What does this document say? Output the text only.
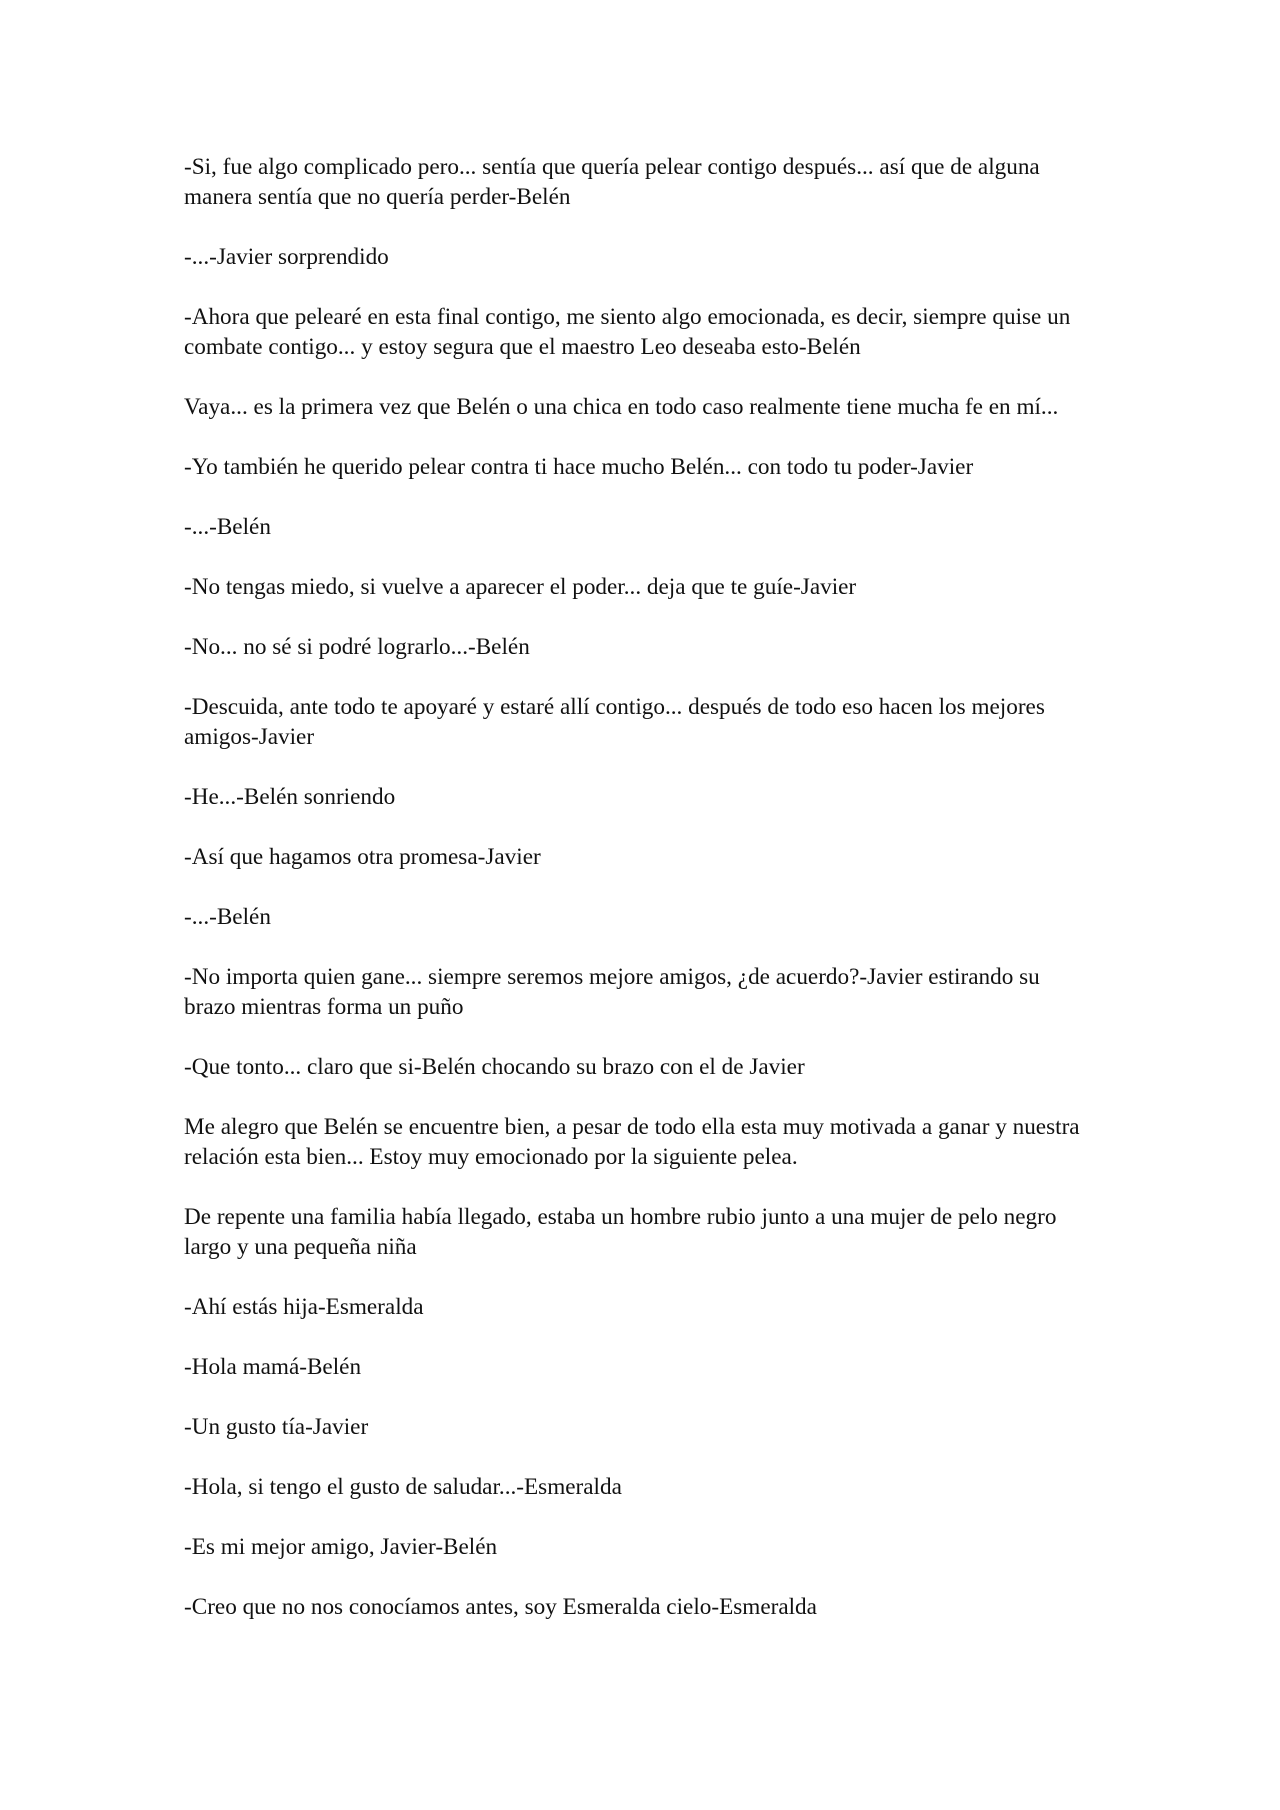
-Si, fue algo complicado pero... sentía que quería pelear contigo después... así que de alguna manera sentía que no quería perder-Belén

-...-Javier sorprendido

-Ahora que pelearé en esta final contigo, me siento algo emocionada, es decir, siempre quise un combate contigo... y estoy segura que el maestro Leo deseaba esto-Belén

Vaya... es la primera vez que Belén o una chica en todo caso realmente tiene mucha fe en mí...

-Yo también he querido pelear contra ti hace mucho Belén... con todo tu poder-Javier

-...-Belén

-No tengas miedo, si vuelve a aparecer el poder... deja que te guíe-Javier

-No... no sé si podré lograrlo...-Belén

-Descuida, ante todo te apoyaré y estaré allí contigo... después de todo eso hacen los mejores amigos-Javier

-He...-Belén sonriendo

-Así que hagamos otra promesa-Javier

-...-Belén

-No importa quien gane... siempre seremos mejore amigos, ¿de acuerdo?-Javier estirando su brazo mientras forma un puño

-Que tonto... claro que si-Belén chocando su brazo con el de Javier

Me alegro que Belén se encuentre bien, a pesar de todo ella esta muy motivada a ganar y nuestra relación esta bien... Estoy muy emocionado por la siguiente pelea.

De repente una familia había llegado, estaba un hombre rubio junto a una mujer de pelo negro largo y una pequeña niña

-Ahí estás hija-Esmeralda

-Hola mamá-Belén

-Un gusto tía-Javier

-Hola, si tengo el gusto de saludar...-Esmeralda

-Es mi mejor amigo, Javier-Belén

-Creo que no nos conocíamos antes, soy Esmeralda cielo-Esmeralda
